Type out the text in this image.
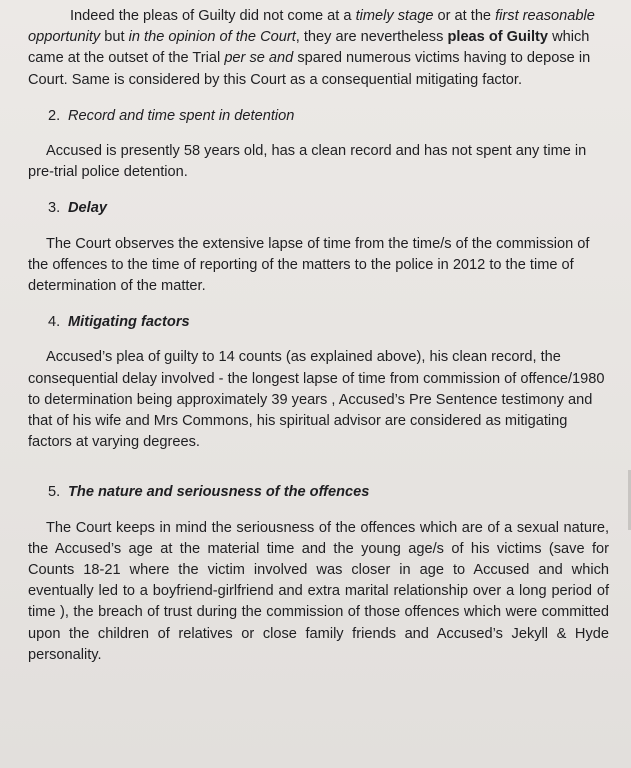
Indeed the pleas of Guilty did not come at a timely stage or at the first reasonable opportunity but in the opinion of the Court, they are nevertheless pleas of Guilty which came at the outset of the Trial per se and spared numerous victims having to depose in Court. Same is considered by this Court as a consequential mitigating factor.

2. Record and time spent in detention

Accused is presently 58 years old, has a clean record and has not spent any time in pre-trial police detention.

3. Delay

The Court observes the extensive lapse of time from the time/s of the commission of the offences to the time of reporting of the matters to the police in 2012 to the time of determination of the matter.

4. Mitigating factors

Accused’s plea of guilty to 14 counts (as explained above), his clean record, the consequential delay involved - the longest lapse of time from commission of offence/1980 to determination being approximately 39 years , Accused’s Pre Sentence testimony and that of his wife and Mrs Commons, his spiritual advisor are considered as mitigating factors at varying degrees.

5. The nature and seriousness of the offences

The Court keeps in mind the seriousness of the offences which are of a sexual nature, the Accused’s age at the material time and the young age/s of his victims (save for Counts 18-21 where the victim involved was closer in age to Accused and which eventually led to a boyfriend-girlfriend and extra marital relationship over a long period of time ), the breach of trust during the commission of those offences which were committed upon the children of relatives or close family friends and Accused’s Jekyll & Hyde personality.
